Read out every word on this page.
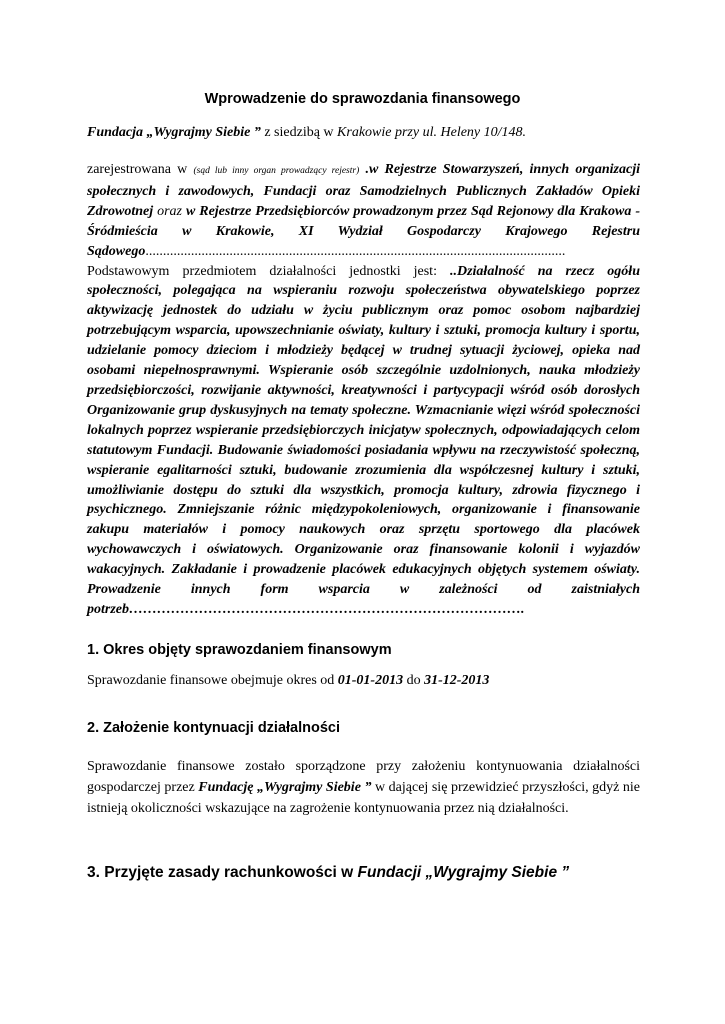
Wprowadzenie do sprawozdania finansowego
Fundacja „Wygrajmy Siebie ” z siedzibą w Krakowie przy ul. Heleny 10/148.
zarejestrowana w (sąd lub inny organ prowadzący rejestr) .w Rejestrze Stowarzyszeń, innych organizacji społecznych i zawodowych, Fundacji oraz Samodzielnych Publicznych Zakładów Opieki Zdrowotnej oraz w Rejestrze Przedsiębiorców prowadzonym przez Sąd Rejonowy dla Krakowa - Śródmieścia w Krakowie, XI Wydział Gospodarczy Krajowego Rejestru Sądowego........................................................................................................................
Podstawowym przedmiotem działalności jednostki jest: ..Działalność na rzecz ogółu społeczności, polegająca na wspieraniu rozwoju społeczeństwa obywatelskiego poprzez aktywizację jednostek do udziału w życiu publicznym oraz pomoc osobom najbardziej potrzebującym wsparcia, upowszechnianie oświaty, kultury i sztuki, promocja kultury i sportu, udzielanie pomocy dzieciom i młodzieży będącej w trudnej sytuacji życiowej, opieka nad osobami niepełnosprawnymi. Wspieranie osób szczególnie uzdolnionych, nauka młodzieży przedsiębiorczości, rozwijanie aktywności, kreatywności i partycypacji wśród osób dorosłych Organizowanie grup dyskusyjnych na tematy społeczne. Wzmacnianie więzi wśród społeczności lokalnych poprzez wspieranie przedsiębiorczych inicjatyw społecznych, odpowiadających celom statutowym Fundacji. Budowanie świadomości posiadania wpływu na rzeczywistość społeczną, wspieranie egalitarności sztuki, budowanie zrozumienia dla współczesnej kultury i sztuki, umożliwianie dostępu do sztuki dla wszystkich, promocja kultury, zdrowia fizycznego i psychicznego. Zmniejszanie różnic międzypokoleniowych, organizowanie i finansowanie zakupu materiałów i pomocy naukowych oraz sprzętu sportowego dla placówek wychowawczych i oświatowych. Organizowanie oraz finansowanie kolonii i wyjazdów wakacyjnych. Zakładanie i prowadzenie placówek edukacyjnych objętych systemem oświaty. Prowadzenie innych form wsparcia w zależności od zaistniałych potrzeb………………………………………………………………………….
1. Okres objęty sprawozdaniem finansowym
Sprawozdanie finansowe obejmuje okres od 01-01-2013 do 31-12-2013
2. Założenie kontynuacji działalności
Sprawozdanie finansowe zostało sporządzone przy założeniu kontynuowania działalności gospodarczej przez Fundację „Wygrajmy Siebie ” w dającej się przewidzieć przyszłości, gdyż nie istnieją okoliczności wskazujące na zagrożenie kontynuowania przez nią działalności.
3. Przyjęte zasady rachunkowości w Fundacji „Wygrajmy Siebie ”
